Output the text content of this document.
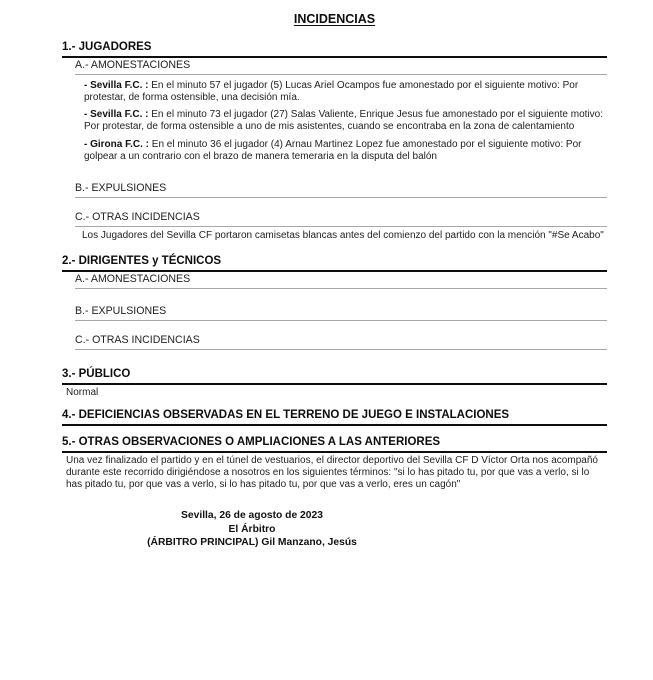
INCIDENCIAS
1.- JUGADORES
A.- AMONESTACIONES

- Sevilla F.C. : En el minuto 57 el jugador (5) Lucas Ariel Ocampos fue amonestado por el siguiente motivo: Por protestar, de forma ostensible, una decisión mía.

- Sevilla F.C. : En el minuto 73 el jugador (27) Salas Valiente, Enrique Jesus fue amonestado por el siguiente motivo: Por protestar, de forma ostensible a uno de mis asistentes, cuando se encontraba en la zona de calentamiento

- Girona F.C. : En el minuto 36 el jugador (4) Arnau Martinez Lopez fue amonestado por el siguiente motivo: Por golpear a un contrario con el brazo de manera temeraria en la disputa del balón

B.- EXPULSIONES
C.- OTRAS INCIDENCIAS

Los Jugadores del Sevilla CF portaron camisetas blancas antes del comienzo del partido con la mención "#Se Acabo"

2.- DIRIGENTES y TÉCNICOS
A.- AMONESTACIONES
B.- EXPULSIONES
C.- OTRAS INCIDENCIAS
3.- PÚBLICO

Normal

4.- DEFICIENCIAS OBSERVADAS EN EL TERRENO DE JUEGO E INSTALACIONES
5.- OTRAS OBSERVACIONES O AMPLIACIONES A LAS ANTERIORES

Una vez finalizado el partido y en el túnel de vestuarios, el director deportivo del Sevilla CF D Víctor Orta nos acompañó durante este recorrido dirigiéndose a nosotros en los siguientes términos: "si lo has pitado tu, por que vas a verlo, si lo has pitado tu, por que vas a verlo, si lo has pitado tu, por que vas a verlo, eres un cagón"

Sevilla, 26 de agosto de 2023
El Árbitro
(ÁRBITRO PRINCIPAL) Gil Manzano, Jesús
